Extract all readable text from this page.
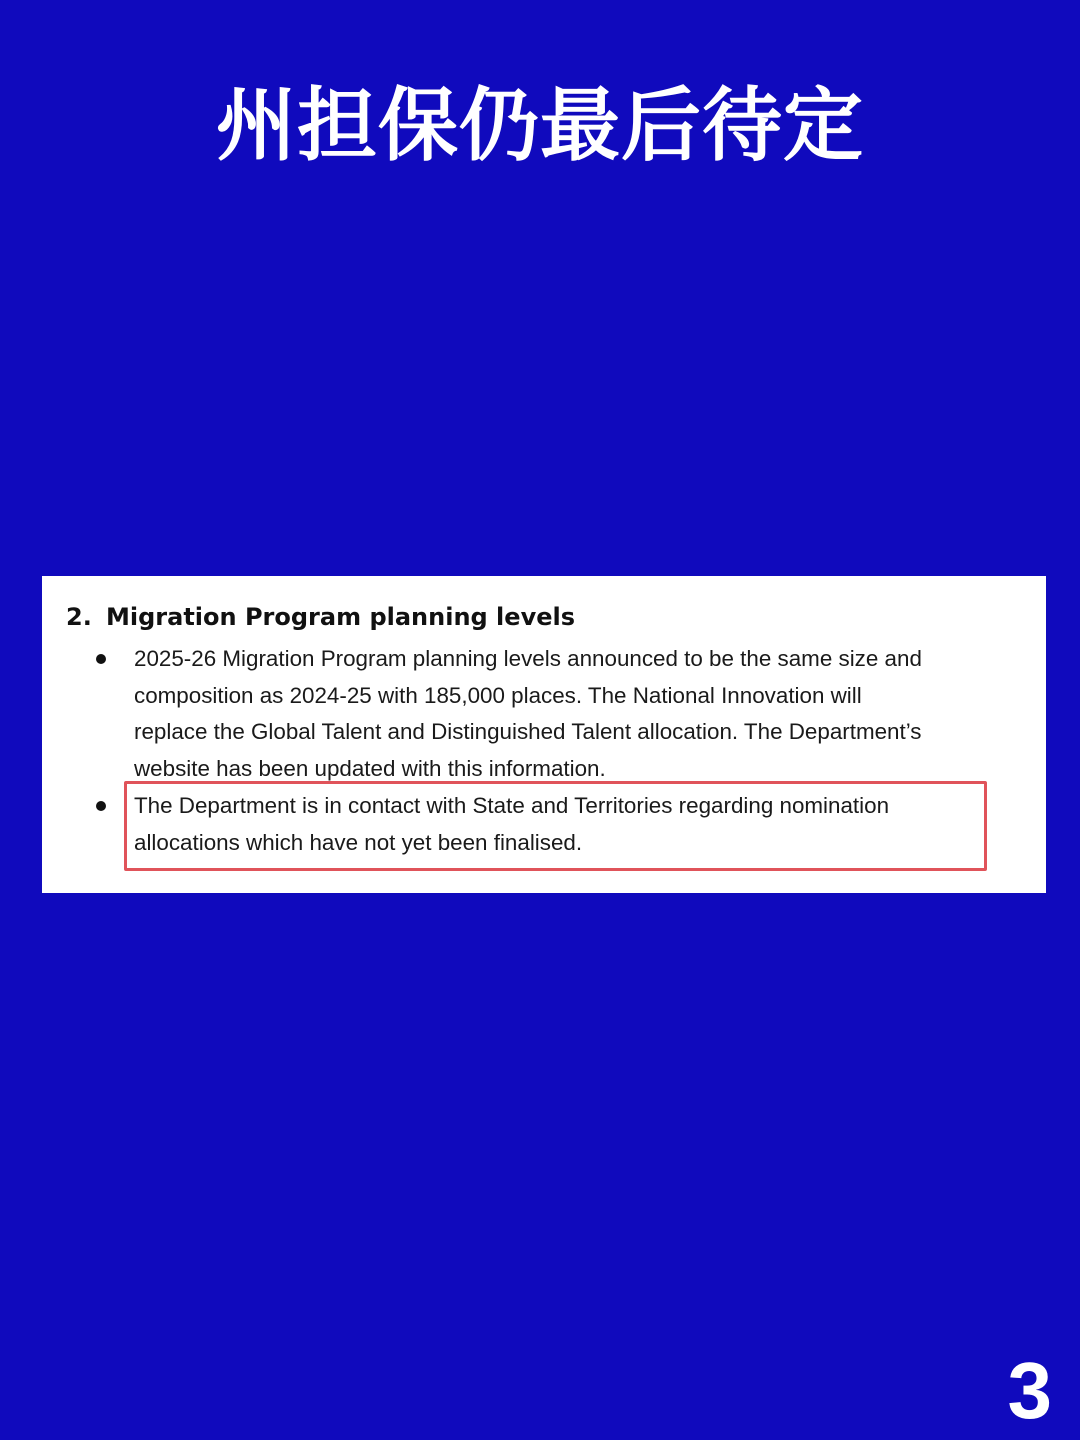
州担保仍最后待定
2. Migration Program planning levels
2025-26 Migration Program planning levels announced to be the same size and
composition as 2024-25 with 185,000 places. The National Innovation will
replace the Global Talent and Distinguished Talent allocation. The Department’s
website has been updated with this information.
The Department is in contact with State and Territories regarding nomination
allocations which have not yet been finalised.
3
